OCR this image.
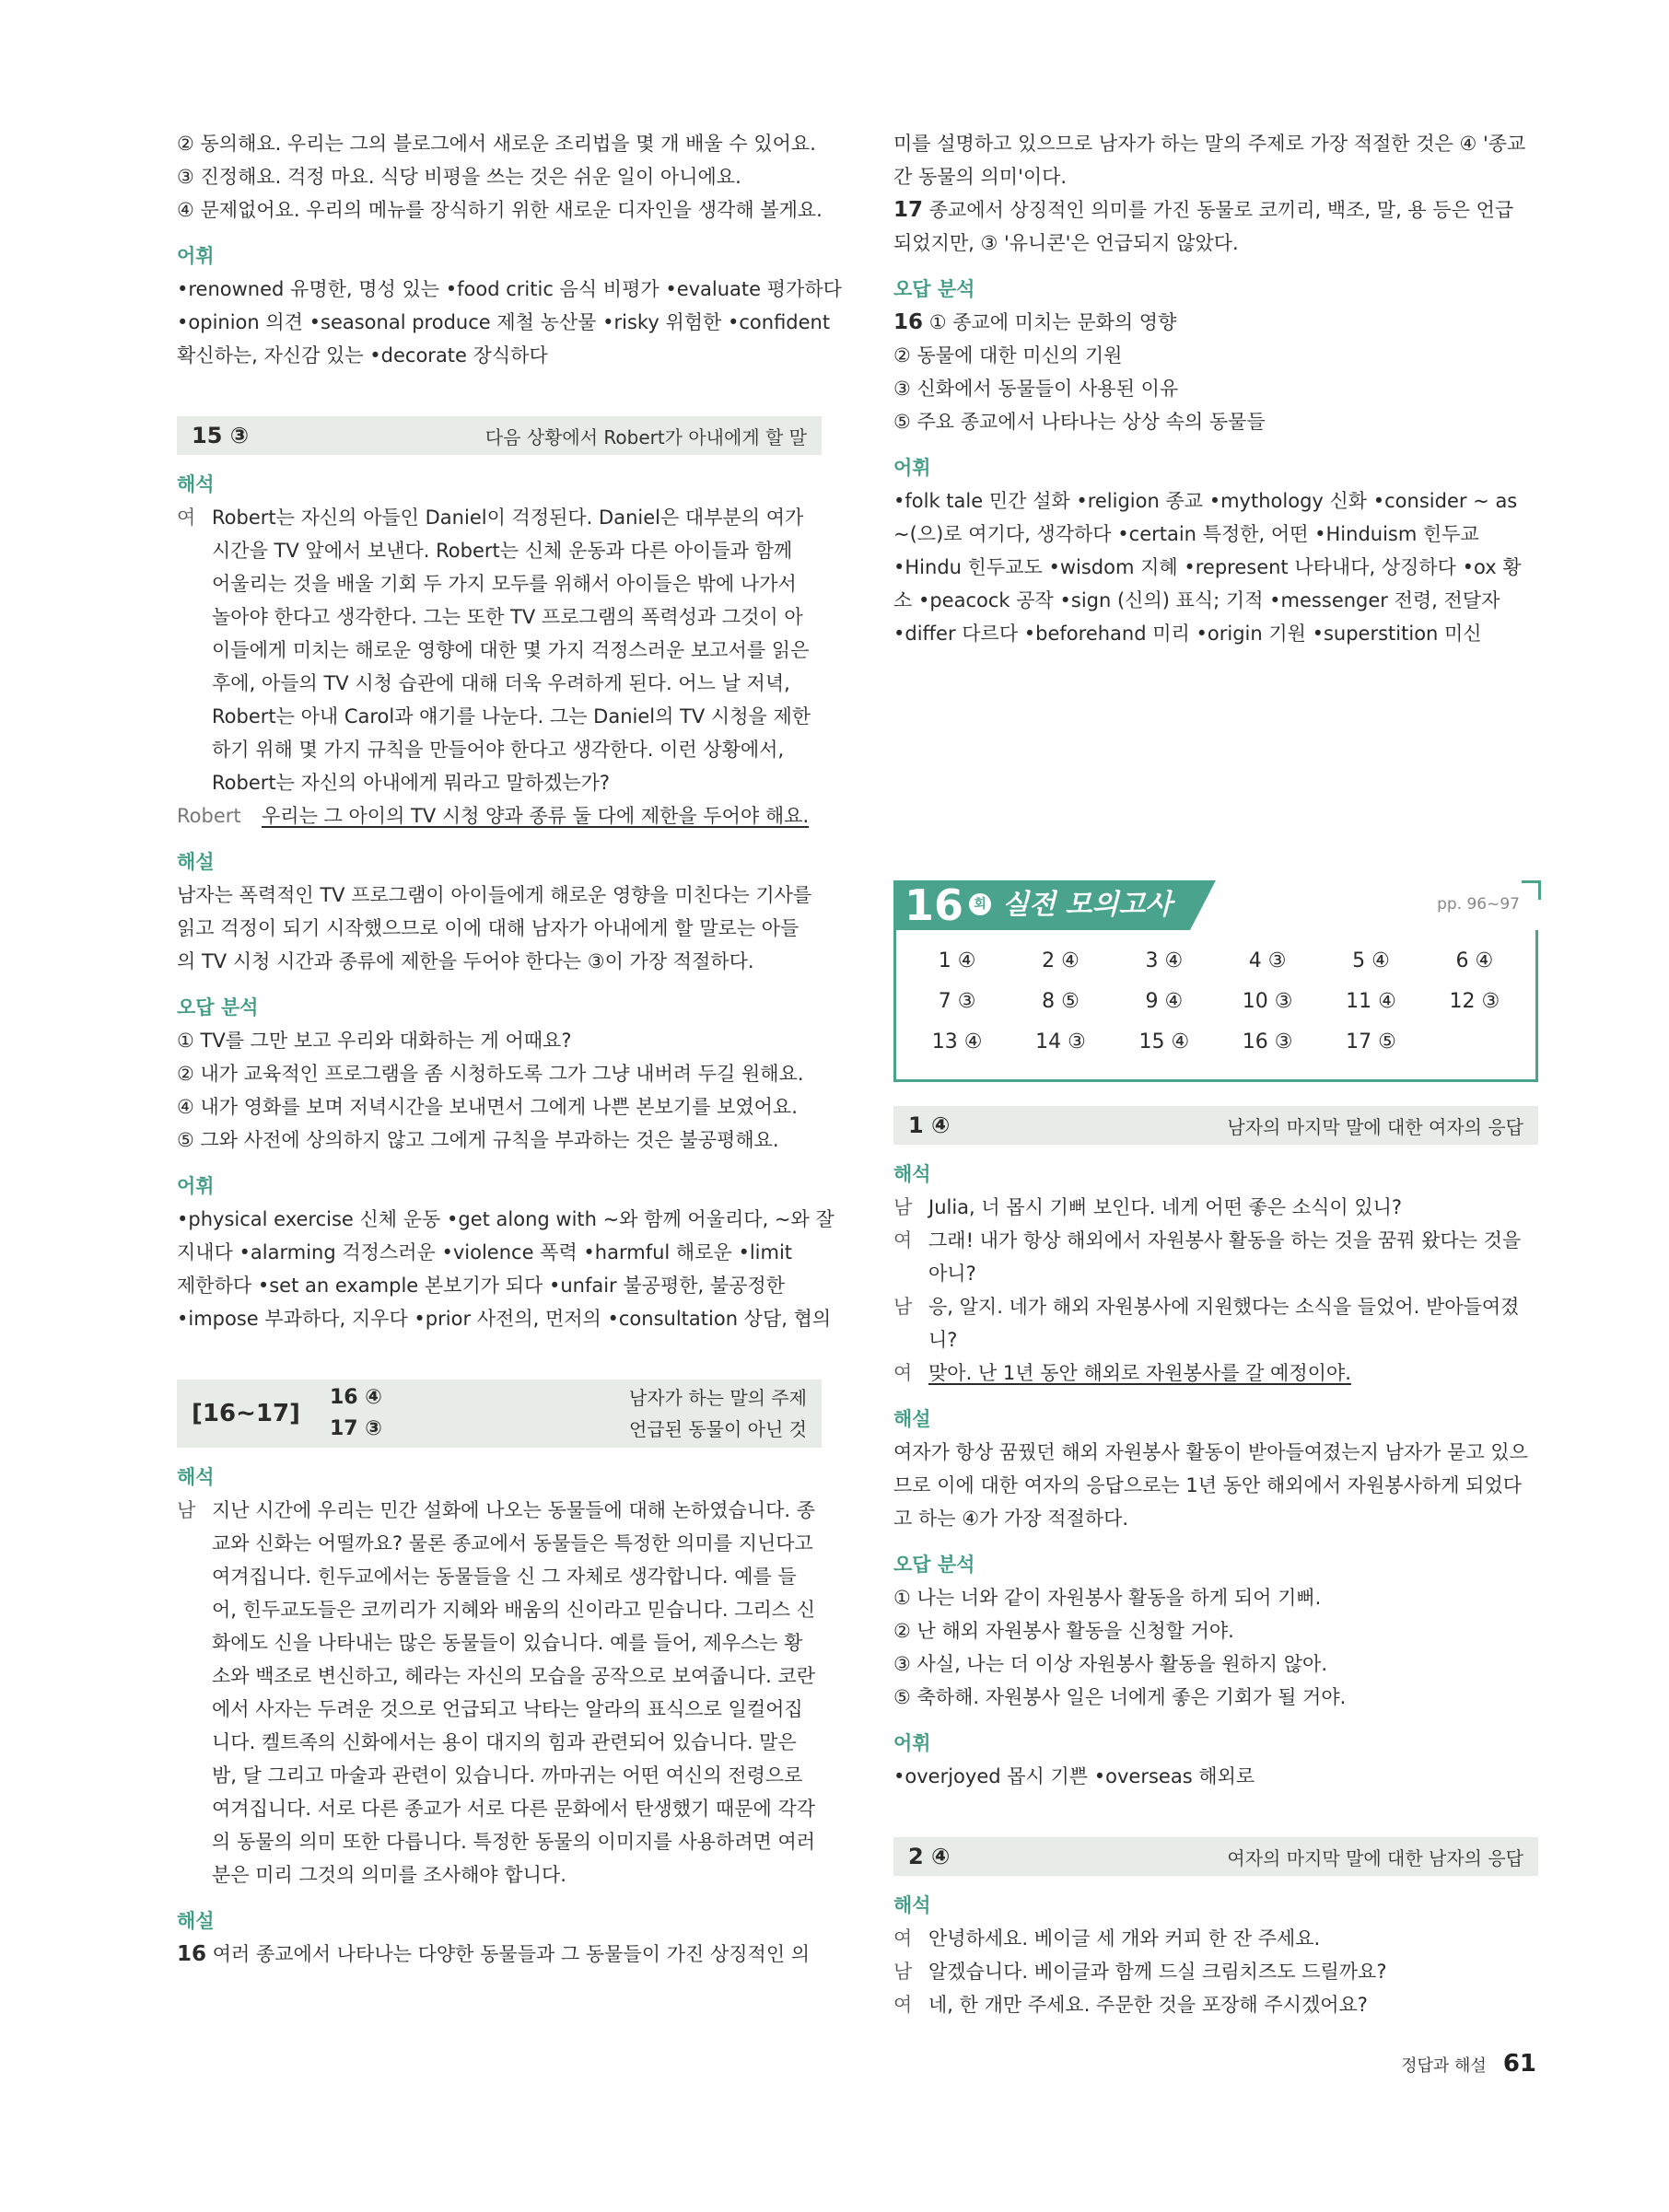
② 동의해요. 우리는 그의 블로그에서 새로운 조리법을 몇 개 배울 수 있어요.
③ 진정해요. 걱정 마요. 식당 비평을 쓰는 것은 쉬운 일이 아니에요.
④ 문제없어요. 우리의 메뉴를 장식하기 위한 새로운 디자인을 생각해 볼게요.
어휘
•renowned 유명한, 명성 있는 •food critic 음식 비평가 •evaluate 평가하다
•opinion 의견 •seasonal produce 제철 농산물 •risky 위험한 •confident
확신하는, 자신감 있는 •decorate 장식하다
15 ③	다음 상황에서 Robert가 아내에게 할 말
해석
여 Robert는 자신의 아들인 Daniel이 걱정된다. Daniel은 대부분의 여가
시간을 TV 앞에서 보낸다. Robert는 신체 운동과 다른 아이들과 함께
어울리는 것을 배울 기회 두 가지 모두를 위해서 아이들은 밖에 나가서
놀아야 한다고 생각한다. 그는 또한 TV 프로그램의 폭력성과 그것이 아
이들에게 미치는 해로운 영향에 대한 몇 가지 걱정스러운 보고서를 읽은
후에, 아들의 TV 시청 습관에 대해 더욱 우려하게 된다. 어느 날 저녁,
Robert는 아내 Carol과 얘기를 나눈다. 그는 Daniel의 TV 시청을 제한
하기 위해 몇 가지 규칙을 만들어야 한다고 생각한다. 이런 상황에서,
Robert는 자신의 아내에게 뭐라고 말하겠는가?
Robert	우리는 그 아이의 TV 시청 양과 종류 둘 다에 제한을 두어야 해요.
해설
남자는 폭력적인 TV 프로그램이 아이들에게 해로운 영향을 미친다는 기사를
읽고 걱정이 되기 시작했으므로 이에 대해 남자가 아내에게 할 말로는 아들
의 TV 시청 시간과 종류에 제한을 두어야 한다는 ③이 가장 적절하다.
오답 분석
① TV를 그만 보고 우리와 대화하는 게 어때요?
② 내가 교육적인 프로그램을 좀 시청하도록 그가 그냥 내버려 두길 원해요.
④ 내가 영화를 보며 저녁시간을 보내면서 그에게 나쁜 본보기를 보였어요.
⑤ 그와 사전에 상의하지 않고 그에게 규칙을 부과하는 것은 불공평해요.
어휘
•physical exercise 신체 운동 •get along with ~와 함께 어울리다, ~와 잘
지내다 •alarming 걱정스러운 •violence 폭력 •harmful 해로운 •limit
제한하다 •set an example 본보기가 되다 •unfair 불공평한, 불공정한
•impose 부과하다, 지우다 •prior 사전의, 먼저의 •consultation 상담, 협의
[16~17]
16 ④	남자가 하는 말의 주제
17 ③	언급된 동물이 아닌 것
해석
남 지난 시간에 우리는 민간 설화에 나오는 동물들에 대해 논하였습니다. 종
교와 신화는 어떨까요? 물론 종교에서 동물들은 특정한 의미를 지닌다고
여겨집니다. 힌두교에서는 동물들을 신 그 자체로 생각합니다. 예를 들
어, 힌두교도들은 코끼리가 지혜와 배움의 신이라고 믿습니다. 그리스 신
화에도 신을 나타내는 많은 동물들이 있습니다. 예를 들어, 제우스는 황
소와 백조로 변신하고, 헤라는 자신의 모습을 공작으로 보여줍니다. 코란
에서 사자는 두려운 것으로 언급되고 낙타는 알라의 표식으로 일컬어집
니다. 켈트족의 신화에서는 용이 대지의 힘과 관련되어 있습니다. 말은
밤, 달 그리고 마술과 관련이 있습니다. 까마귀는 어떤 여신의 전령으로
여겨집니다. 서로 다른 종교가 서로 다른 문화에서 탄생했기 때문에 각각
의 동물의 의미 또한 다릅니다. 특정한 동물의 이미지를 사용하려면 여러
분은 미리 그것의 의미를 조사해야 합니다.
해설
16 여러 종교에서 나타나는 다양한 동물들과 그 동물들이 가진 상징적인 의
미를 설명하고 있으므로 남자가 하는 말의 주제로 가장 적절한 것은 ④ '종교
간 동물의 의미'이다.
17 종교에서 상징적인 의미를 가진 동물로 코끼리, 백조, 말, 용 등은 언급
되었지만, ③ '유니콘'은 언급되지 않았다.
오답 분석
16 ① 종교에 미치는 문화의 영향
② 동물에 대한 미신의 기원
③ 신화에서 동물들이 사용된 이유
⑤ 주요 종교에서 나타나는 상상 속의 동물들
어휘
•folk tale 민간 설화 •religion 종교 •mythology 신화 •consider ~ as
~(으)로 여기다, 생각하다 •certain 특정한, 어떤 •Hinduism 힌두교
•Hindu 힌두교도 •wisdom 지혜 •represent 나타내다, 상징하다 •ox 황
소 •peacock 공작 •sign (신의) 표식; 기적 •messenger 전령, 전달자
•differ 다르다 •beforehand 미리 •origin 기원 •superstition 미신
16 회 실전 모의고사	pp. 96~97
1 ④	2 ④	3 ④	4 ③	5 ④	6 ④
7 ③	8 ⑤	9 ④	10 ③	11 ④	12 ③
13 ④	14 ③	15 ④	16 ③	17 ⑤
1 ④	남자의 마지막 말에 대한 여자의 응답
해석
남 Julia, 너 몹시 기뻐 보인다. 네게 어떤 좋은 소식이 있니?
여 그래! 내가 항상 해외에서 자원봉사 활동을 하는 것을 꿈꿔 왔다는 것을
아니?
남 응, 알지. 네가 해외 자원봉사에 지원했다는 소식을 들었어. 받아들여졌니?
여 맞아. 난 1년 동안 해외로 자원봉사를 갈 예정이야.
해설
여자가 항상 꿈꿨던 해외 자원봉사 활동이 받아들여졌는지 남자가 묻고 있으
므로 이에 대한 여자의 응답으로는 1년 동안 해외에서 자원봉사하게 되었다
고 하는 ④가 가장 적절하다.
오답 분석
① 나는 너와 같이 자원봉사 활동을 하게 되어 기뻐.
② 난 해외 자원봉사 활동을 신청할 거야.
③ 사실, 나는 더 이상 자원봉사 활동을 원하지 않아.
⑤ 축하해. 자원봉사 일은 너에게 좋은 기회가 될 거야.
어휘
•overjoyed 몹시 기쁜 •overseas 해외로
2 ④	여자의 마지막 말에 대한 남자의 응답
해석
여 안녕하세요. 베이글 세 개와 커피 한 잔 주세요.
남 알겠습니다. 베이글과 함께 드실 크림치즈도 드릴까요?
여 네, 한 개만 주세요. 주문한 것을 포장해 주시겠어요?
정답과 해설 61
